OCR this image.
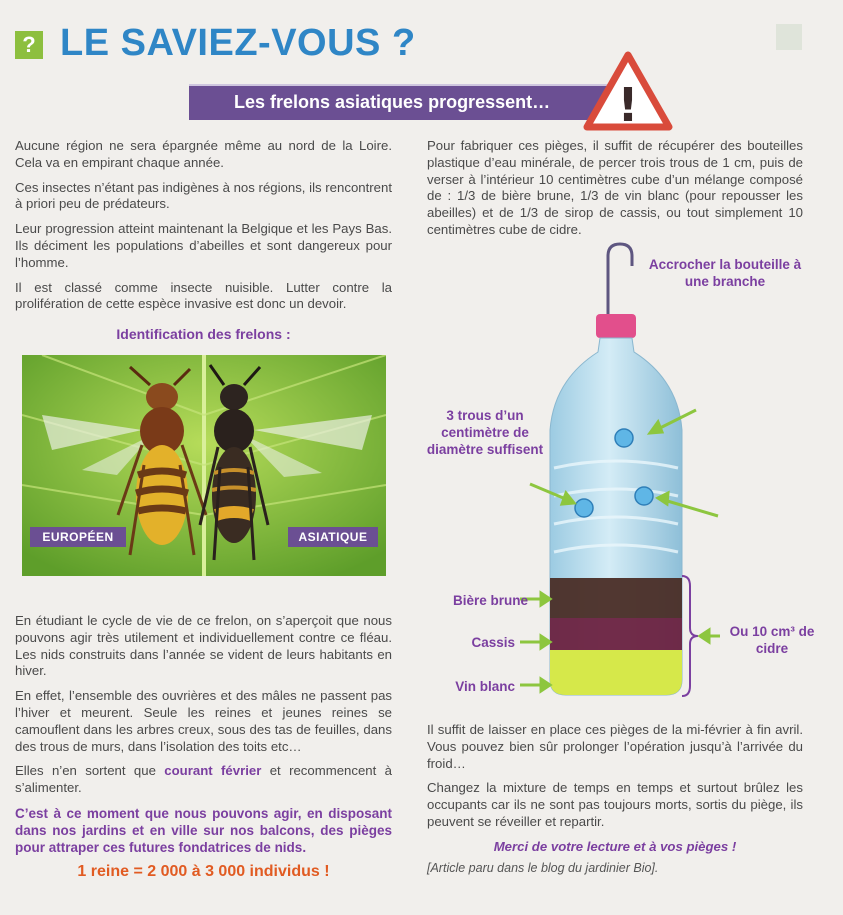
? LE SAVIEZ-VOUS ?
Les frelons asiatiques progressent… !

Aucune région ne sera épargnée même au nord de la Loire. Cela va en empirant chaque année.

Ces insectes n’étant pas indigènes à nos régions, ils rencontrent à priori peu de prédateurs.

Leur progression atteint maintenant la Belgique et les Pays Bas. Ils déciment les populations d’abeilles et sont dangereux pour l’homme.

Il est classé comme insecte nuisible. Lutter contre la prolifération de cette espèce invasive est donc un devoir.

Identification des frelons :
EUROPÉEN	ASIATIQUE

En étudiant le cycle de vie de ce frelon, on s’aperçoit que nous pouvons agir très utilement et individuellement contre ce fléau. Les nids construits dans l’année se vident de leurs habitants en hiver.

En effet, l’ensemble des ouvrières et des mâles ne passent pas l’hiver et meurent. Seule les reines et jeunes reines se camouflent dans les arbres creux, sous des tas de feuilles, dans des trous de murs, dans l’isolation des toits etc…

Elles n’en sortent que courant février et recommencent à s’alimenter.

C’est à ce moment que nous pouvons agir, en disposant dans nos jardins et en ville sur nos balcons, des pièges pour attraper ces futures fondatrices de nids.

1 reine = 2 000 à 3 000 individus !

Pour fabriquer ces pièges, il suffit de récupérer des bouteilles plastique d’eau minérale, de percer trois trous de 1 cm, puis de verser à l’intérieur 10 centimètres cube d’un mélange composé de : 1/3 de bière brune, 1/3 de vin blanc (pour repousser les abeilles) et de 1/3 de sirop de cassis, ou tout simplement 10 centimètres cube de cidre.

Accrocher la bouteille à une branche
3 trous d’un centimètre de diamètre suffisent
Bière brune
Cassis
Vin blanc
Ou 10 cm³ de cidre

Il suffit de laisser en place ces pièges de la mi-février à fin avril. Vous pouvez bien sûr prolonger l’opération jusqu’à l’arrivée du froid…

Changez la mixture de temps en temps et surtout brûlez les occupants car ils ne sont pas toujours morts, sortis du piège, ils peuvent se réveiller et repartir.

Merci de votre lecture et à vos pièges !
[Article paru dans le blog du jardinier Bio].
